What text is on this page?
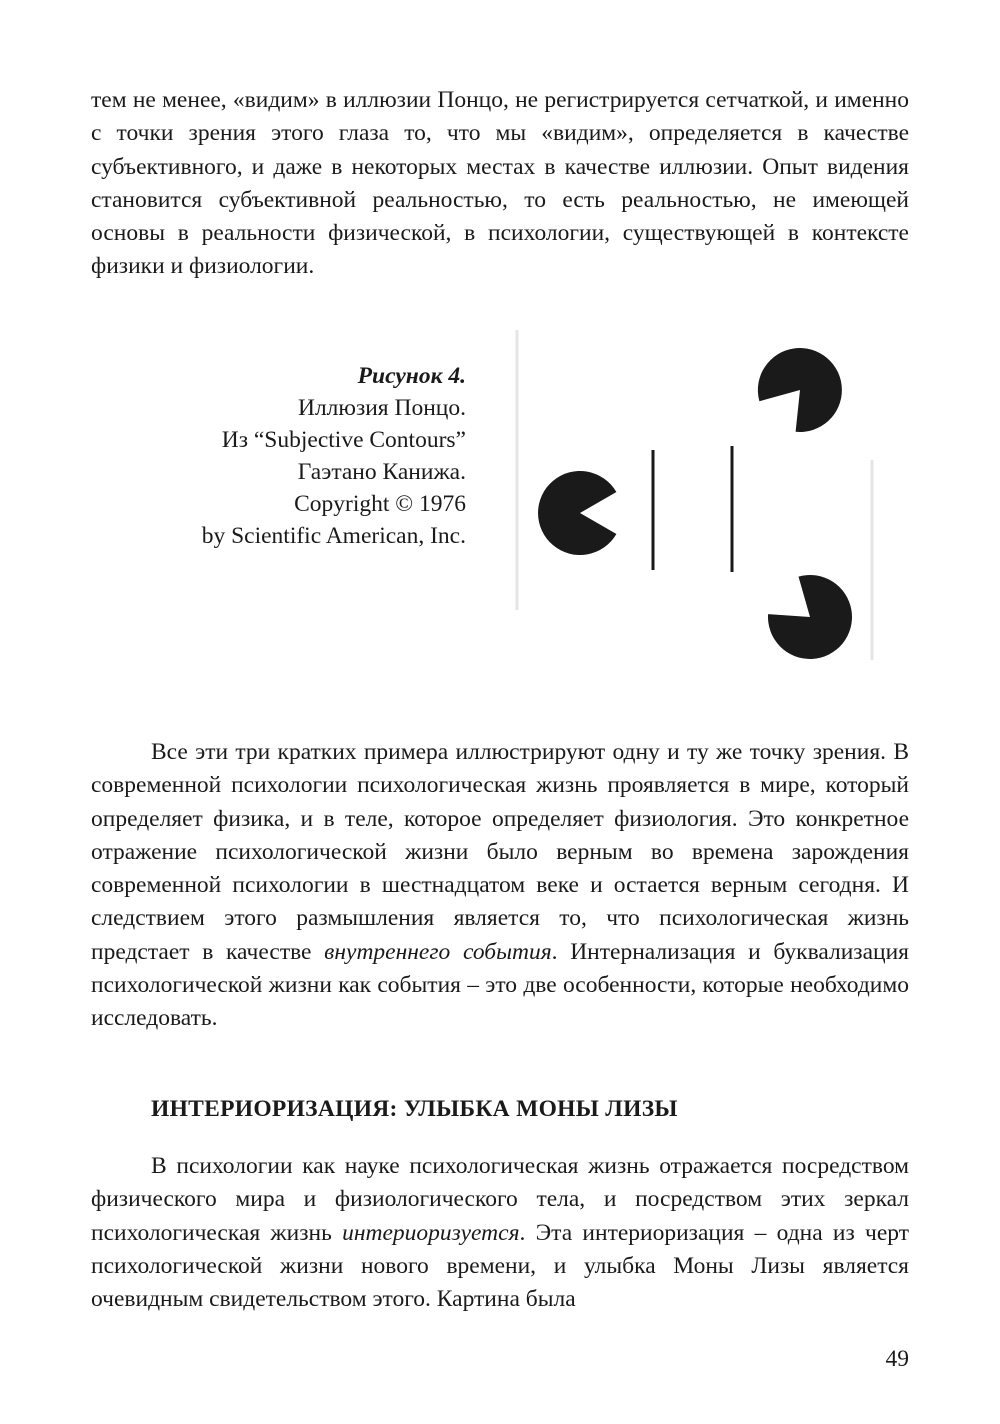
тем не менее, «видим» в иллюзии Понцо, не регистрируется сетчаткой, и именно с точки зрения этого глаза то, что мы «видим», определяется в качестве субъективного, и даже в некоторых местах в качестве иллюзии. Опыт видения становится субъективной реальностью, то есть реальностью, не имеющей основы в реальности физической, в психологии, существующей в контексте физики и физиологии.

Рисунок 4.
Иллюзия Понцо.
Из “Subjective Contours”
Гаэтано Канижа.
Copyright © 1976
by Scientific American, Inc.

Все эти три кратких примера иллюстрируют одну и ту же точку зрения. В современной психологии психологическая жизнь проявляется в мире, который определяет физика, и в теле, которое определяет физиология. Это конкретное отражение психологической жизни было верным во времена зарождения современной психологии в шестнадцатом веке и остается верным сегодня. И следствием этого размышления является то, что психологическая жизнь предстает в качестве внутреннего события. Интернализация и буквализация психологической жизни как события – это две особенности, которые необходимо исследовать.

ИНТЕРИОРИЗАЦИЯ: УЛЫБКА МОНЫ ЛИЗЫ

В психологии как науке психологическая жизнь отражается посредством физического мира и физиологического тела, и посредством этих зеркал психологическая жизнь интериоризуется. Эта интериоризация – одна из черт психологической жизни нового времени, и улыбка Моны Лизы является очевидным свидетельством этого. Картина была

49
